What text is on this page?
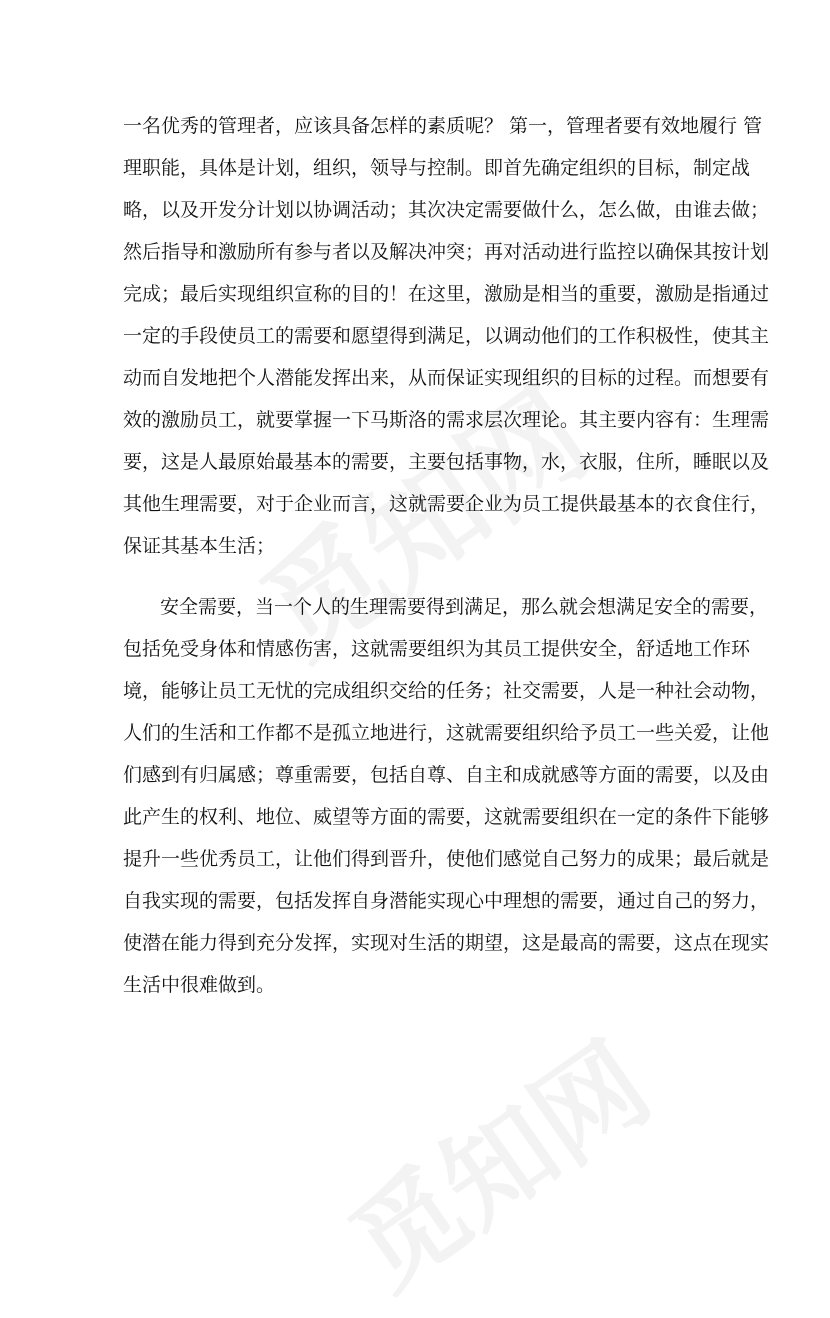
一名优秀的管理者，应该具备怎样的素质呢？ 第一，管理者要有效地履行 管
理职能，具体是计划，组织，领导与控制。即首先确定组织的目标，制定战
略，以及开发分计划以协调活动；其次决定需要做什么，怎么做，由谁去做；
然后指导和激励所有参与者以及解决冲突；再对活动进行监控以确保其按计划
完成；最后实现组织宣称的目的！在这里，激励是相当的重要，激励是指通过
一定的手段使员工的需要和愿望得到满足，以调动他们的工作积极性，使其主
动而自发地把个人潜能发挥出来，从而保证实现组织的目标的过程。而想要有
效的激励员工，就要掌握一下马斯洛的需求层次理论。其主要内容有：生理需
要，这是人最原始最基本的需要，主要包括事物，水，衣服，住所，睡眠以及
其他生理需要，对于企业而言，这就需要企业为员工提供最基本的衣食住行，
保证其基本生活；
安全需要，当一个人的生理需要得到满足，那么就会想满足安全的需要，
包括免受身体和情感伤害，这就需要组织为其员工提供安全，舒适地工作环
境，能够让员工无忧的完成组织交给的任务；社交需要，人是一种社会动物，
人们的生活和工作都不是孤立地进行，这就需要组织给予员工一些关爱，让他
们感到有归属感；尊重需要，包括自尊、自主和成就感等方面的需要，以及由
此产生的权利、地位、威望等方面的需要，这就需要组织在一定的条件下能够
提升一些优秀员工，让他们得到晋升，使他们感觉自己努力的成果；最后就是
自我实现的需要，包括发挥自身潜能实现心中理想的需要，通过自己的努力，
使潜在能力得到充分发挥，实现对生活的期望，这是最高的需要，这点在现实
生活中很难做到。
